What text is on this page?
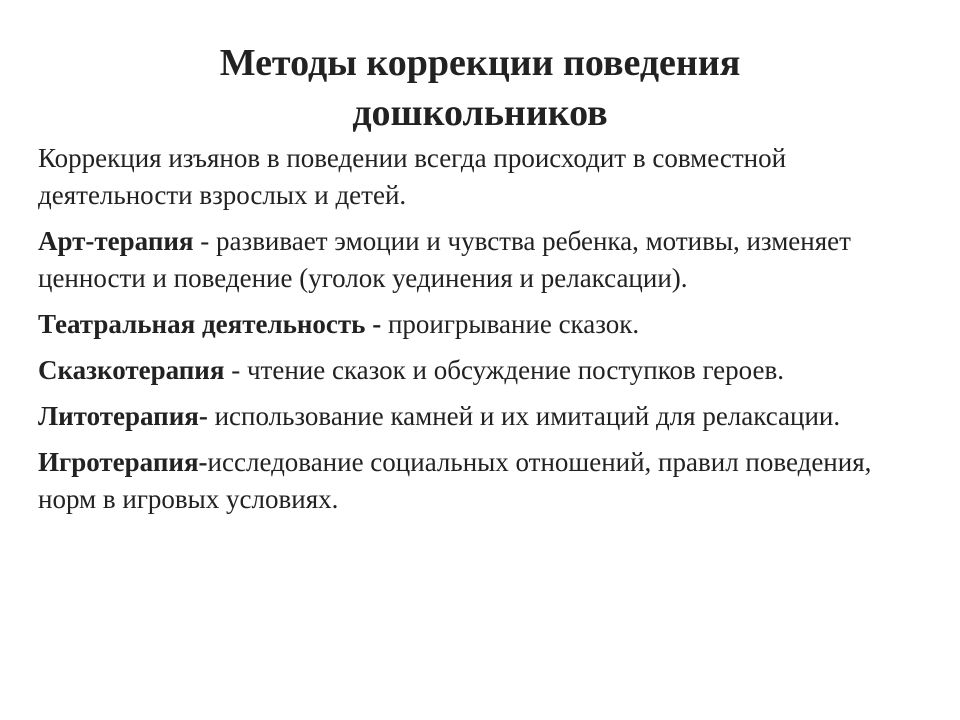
Методы коррекции поведения
дошкольников

Коррекция изъянов в поведении всегда происходит в совместной деятельности взрослых и детей.

Арт-терапия - развивает эмоции и чувства ребенка, мотивы, изменяет ценности и поведение (уголок уединения и релаксации).

Театральная деятельность - проигрывание сказок.

Сказкотерапия - чтение сказок и обсуждение поступков героев.

Литотерапия- использование камней и их имитаций для релаксации.

Игротерапия-исследование социальных отношений, правил поведения, норм в игровых условиях.
